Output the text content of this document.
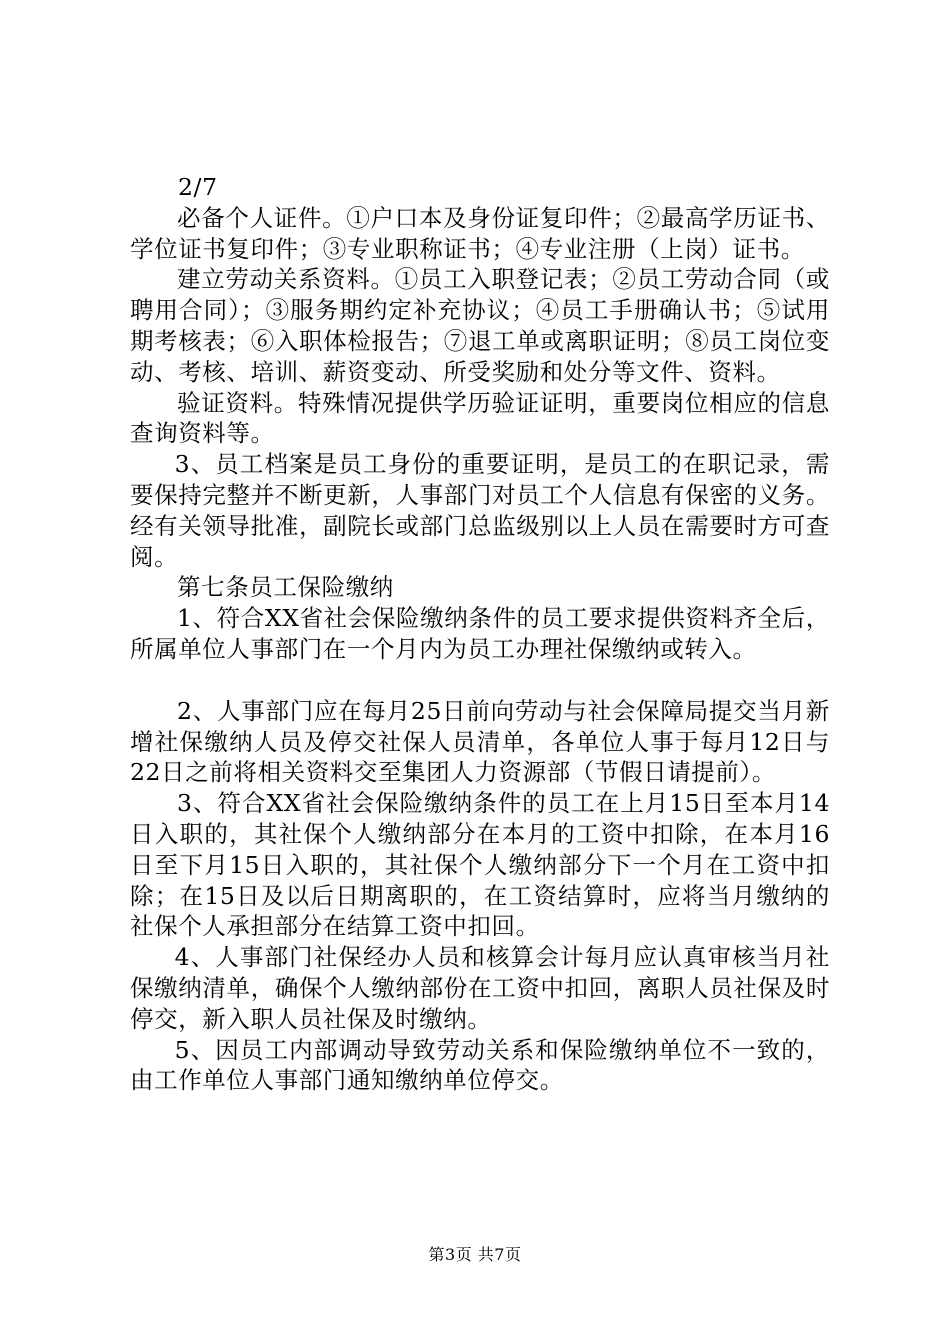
2/7

必备个人证件。①户口本及身份证复印件；②最高学历证书、学位证书复印件；③专业职称证书；④专业注册（上岗）证书。

建立劳动关系资料。①员工入职登记表；②员工劳动合同（或聘用合同）；③服务期约定补充协议；④员工手册确认书；⑤试用期考核表；⑥入职体检报告；⑦退工单或离职证明；⑧员工岗位变动、考核、培训、薪资变动、所受奖励和处分等文件、资料。

验证资料。特殊情况提供学历验证证明，重要岗位相应的信息查询资料等。

3、员工档案是员工身份的重要证明，是员工的在职记录，需要保持完整并不断更新，人事部门对员工个人信息有保密的义务。经有关领导批准，副院长或部门总监级别以上人员在需要时方可查阅。

第七条员工保险缴纳

1、符合XX省社会保险缴纳条件的员工要求提供资料齐全后，所属单位人事部门在一个月内为员工办理社保缴纳或转入。

2、人事部门应在每月25日前向劳动与社会保障局提交当月新增社保缴纳人员及停交社保人员清单，各单位人事于每月12日与22日之前将相关资料交至集团人力资源部（节假日请提前）。

3、符合XX省社会保险缴纳条件的员工在上月15日至本月14日入职的，其社保个人缴纳部分在本月的工资中扣除，在本月16日至下月15日入职的，其社保个人缴纳部分下一个月在工资中扣除；在15日及以后日期离职的，在工资结算时，应将当月缴纳的社保个人承担部分在结算工资中扣回。

4、人事部门社保经办人员和核算会计每月应认真审核当月社保缴纳清单，确保个人缴纳部份在工资中扣回，离职人员社保及时停交，新入职人员社保及时缴纳。

5、因员工内部调动导致劳动关系和保险缴纳单位不一致的，由工作单位人事部门通知缴纳单位停交。

第3页 共7页
